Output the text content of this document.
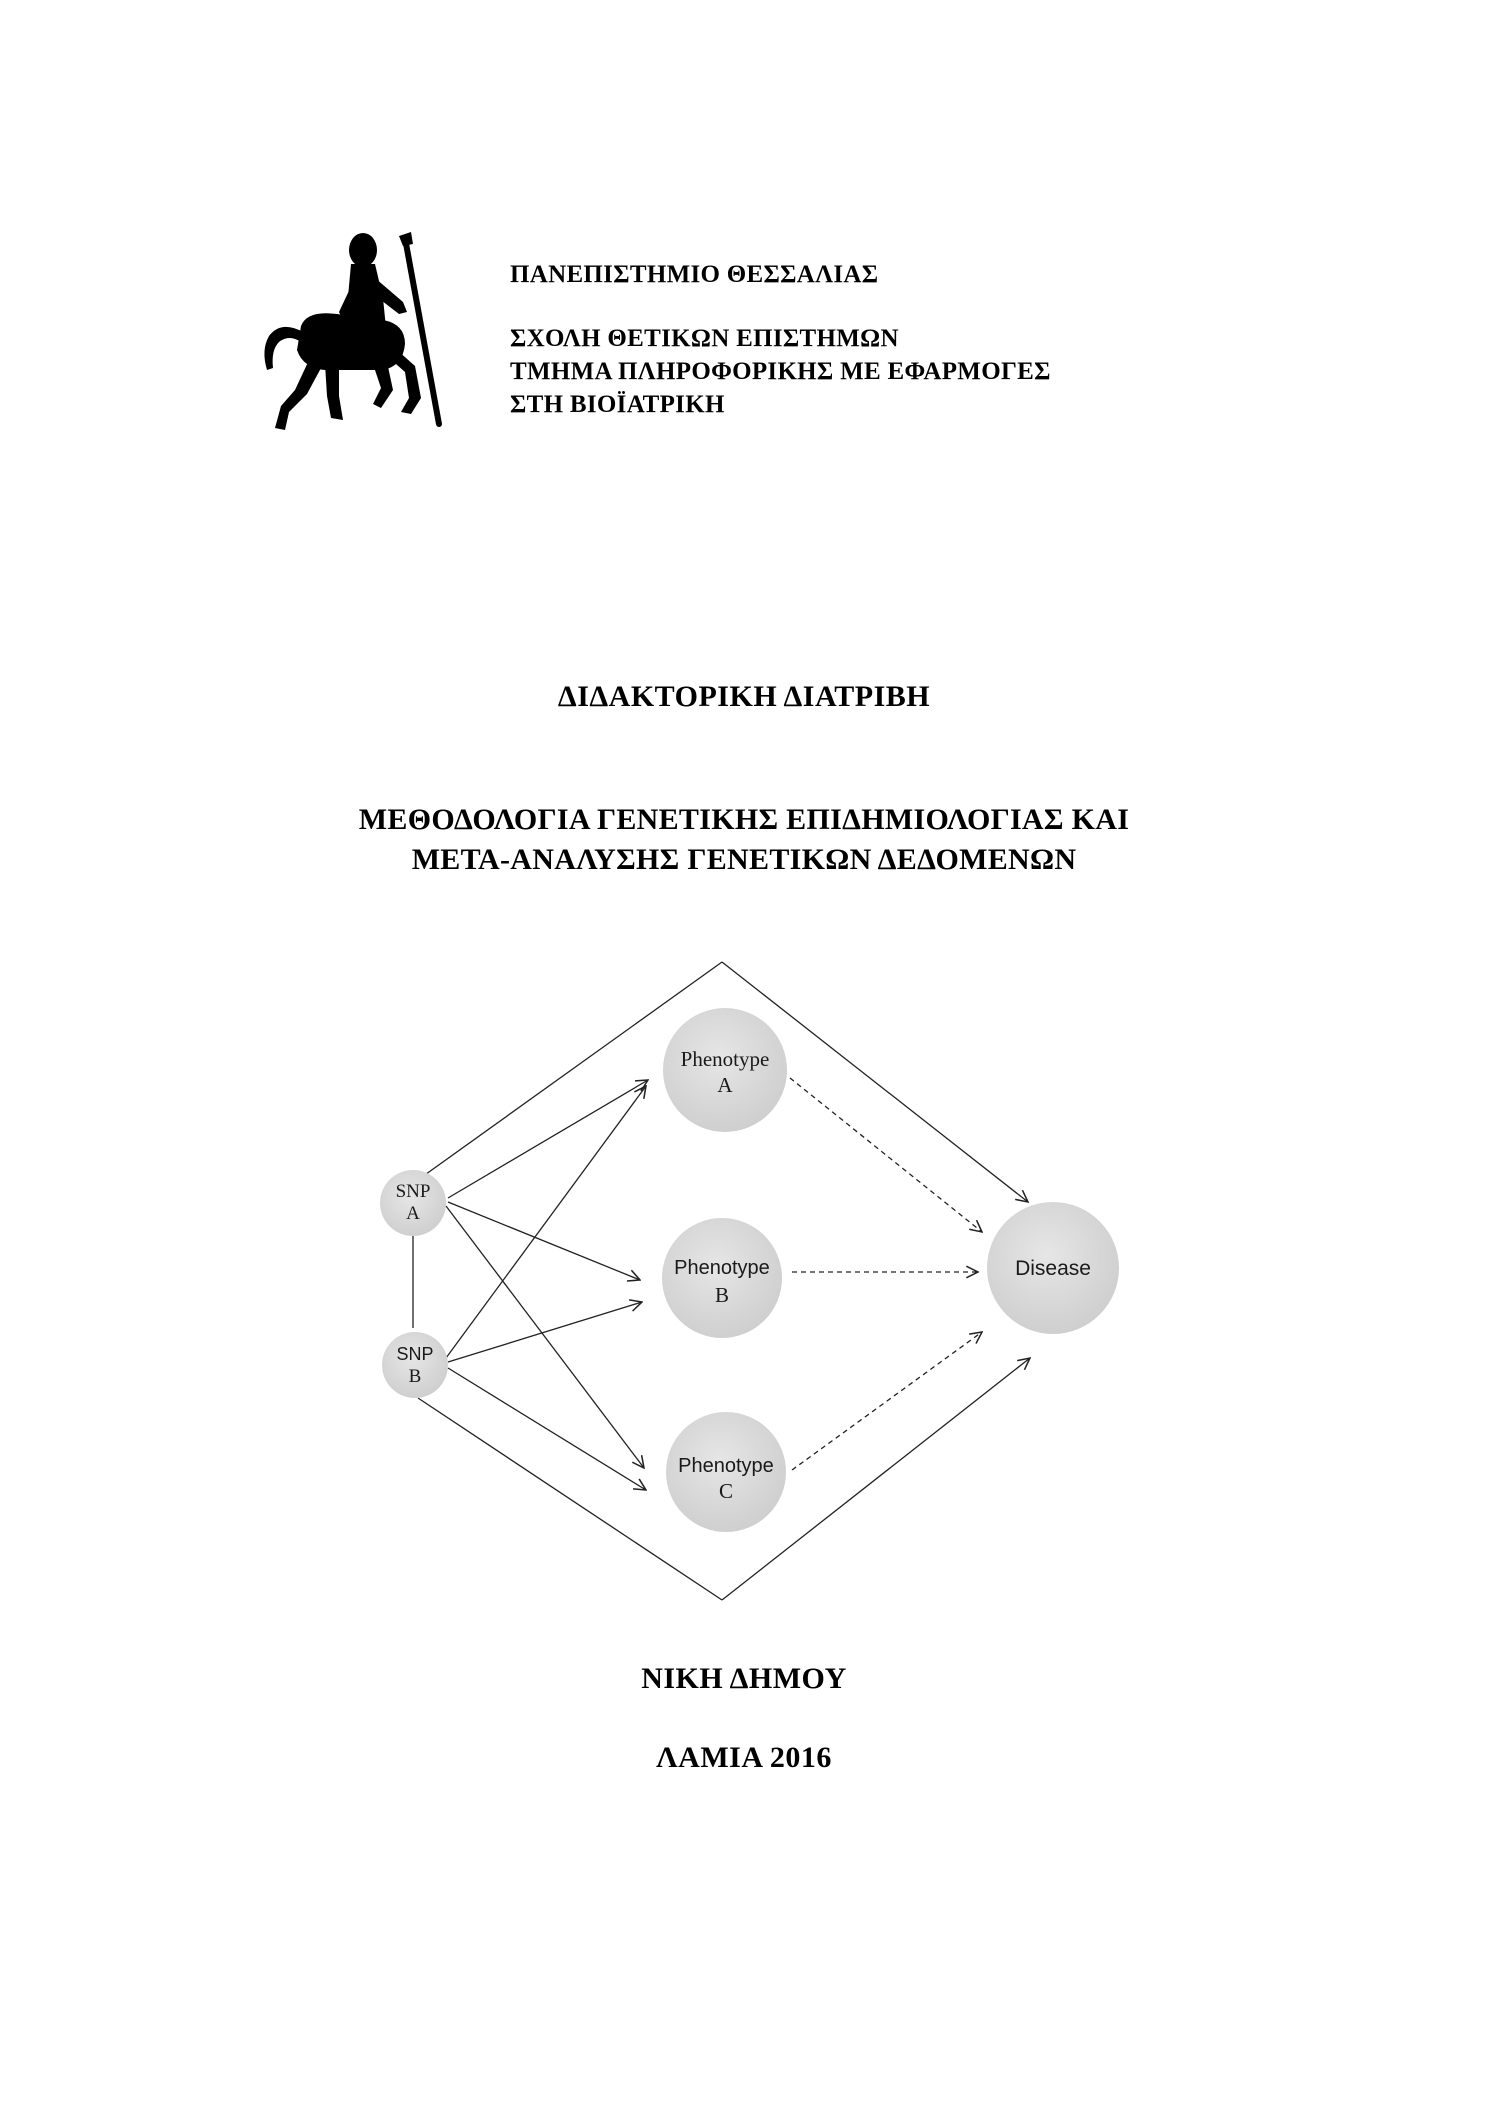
ΠΑΝΕΠΙΣΤΗΜΙΟ ΘΕΣΣΑΛΙΑΣ
ΣΧΟΛΗ ΘΕΤΙΚΩΝ ΕΠΙΣΤΗΜΩΝ
ΤΜΗΜΑ ΠΛΗΡΟΦΟΡΙΚΗΣ ΜΕ ΕΦΑΡΜΟΓΕΣ
ΣΤΗ ΒΙΟΪΑΤΡΙΚΗ
ΔΙΔΑΚΤΟΡΙΚΗ ΔΙΑΤΡΙΒΗ
ΜΕΘΟΔΟΛΟΓΙΑ ΓΕΝΕΤΙΚΗΣ ΕΠΙΔΗΜΙΟΛΟΓΙΑΣ ΚΑΙ
ΜΕΤΑ-ΑΝΑΛΥΣΗΣ ΓΕΝΕΤΙΚΩΝ ΔΕΔΟΜΕΝΩΝ
SNP
A
SNP
B
Phenotype
A
Phenotype
B
Phenotype
C
Disease
ΝΙΚΗ ΔΗΜΟΥ
ΛΑΜΙΑ 2016
